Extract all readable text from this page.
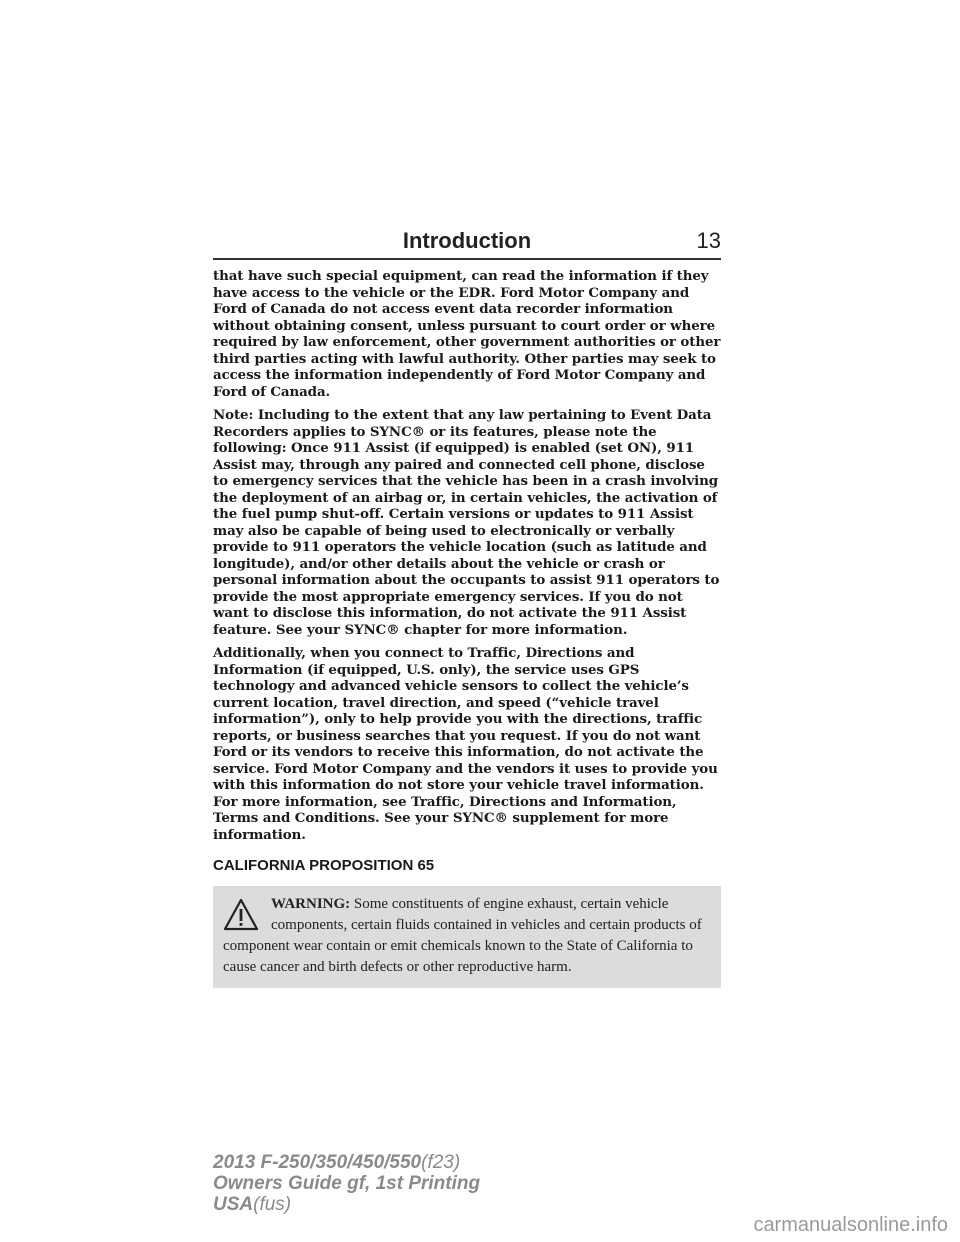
Introduction	13

that have such special equipment, can read the information if they have access to the vehicle or the EDR. Ford Motor Company and Ford of Canada do not access event data recorder information without obtaining consent, unless pursuant to court order or where required by law enforcement, other government authorities or other third parties acting with lawful authority. Other parties may seek to access the information independently of Ford Motor Company and Ford of Canada.

Note: Including to the extent that any law pertaining to Event Data Recorders applies to SYNC® or its features, please note the following: Once 911 Assist (if equipped) is enabled (set ON), 911 Assist may, through any paired and connected cell phone, disclose to emergency services that the vehicle has been in a crash involving the deployment of an airbag or, in certain vehicles, the activation of the fuel pump shut-off. Certain versions or updates to 911 Assist may also be capable of being used to electronically or verbally provide to 911 operators the vehicle location (such as latitude and longitude), and/or other details about the vehicle or crash or personal information about the occupants to assist 911 operators to provide the most appropriate emergency services. If you do not want to disclose this information, do not activate the 911 Assist feature. See your SYNC® chapter for more information.

Additionally, when you connect to Traffic, Directions and Information (if equipped, U.S. only), the service uses GPS technology and advanced vehicle sensors to collect the vehicle’s current location, travel direction, and speed (“vehicle travel information”), only to help provide you with the directions, traffic reports, or business searches that you request. If you do not want Ford or its vendors to receive this information, do not activate the service. Ford Motor Company and the vendors it uses to provide you with this information do not store your vehicle travel information. For more information, see Traffic, Directions and Information, Terms and Conditions. See your SYNC® supplement for more information.

CALIFORNIA PROPOSITION 65
WARNING: Some constituents of engine exhaust, certain vehicle components, certain fluids contained in vehicles and certain products of component wear contain or emit chemicals known to the State of California to cause cancer and birth defects or other reproductive harm.
2013 F-250/350/450/550(f23)
Owners Guide gf, 1st Printing
USA(fus)
carmanualsonline.info
